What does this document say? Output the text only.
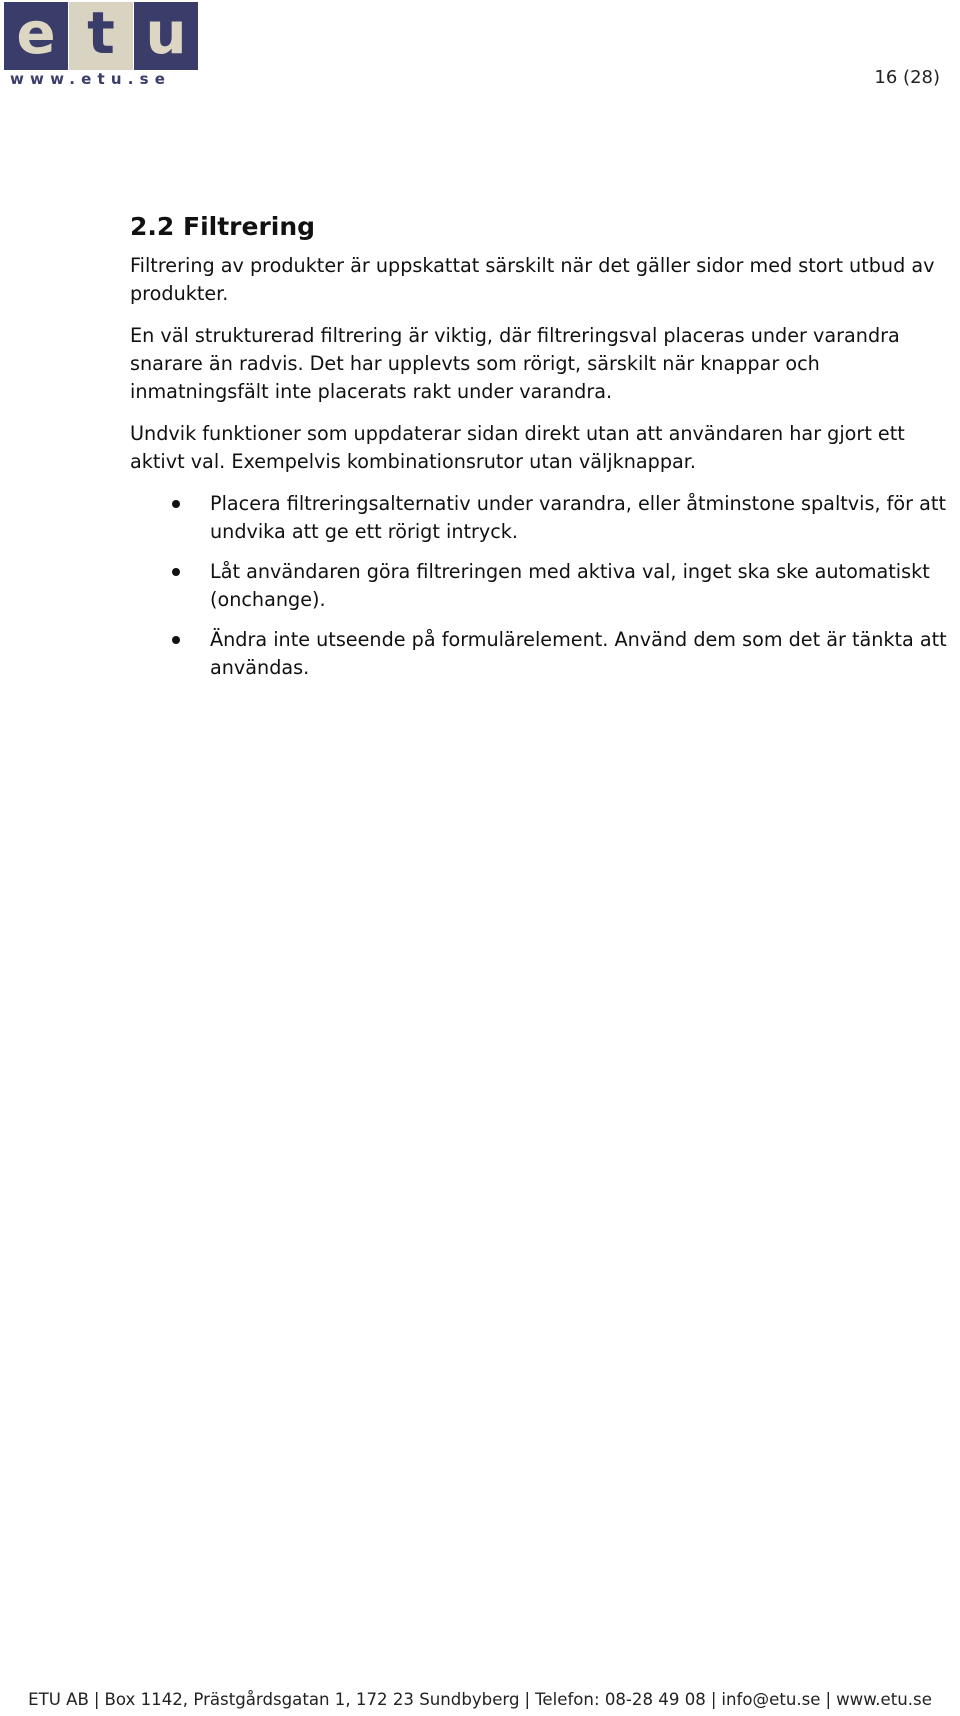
e t u
www.etu.se	16 (28)
2.2 Filtrering

Filtrering av produkter är uppskattat särskilt när det gäller sidor med stort utbud av produkter.

En väl strukturerad filtrering är viktig, där filtreringsval placeras under varandra snarare än radvis. Det har upplevts som rörigt, särskilt när knappar och inmatningsfält inte placerats rakt under varandra.

Undvik funktioner som uppdaterar sidan direkt utan att användaren har gjort ett aktivt val. Exempelvis kombinationsrutor utan väljknappar.

Placera filtreringsalternativ under varandra, eller åtminstone spaltvis, för att undvika att ge ett rörigt intryck.
Låt användaren göra filtreringen med aktiva val, inget ska ske automatiskt (onchange).
Ändra inte utseende på formulärelement. Använd dem som det är tänkta att användas.
ETU AB | Box 1142, Prästgårdsgatan 1, 172 23 Sundbyberg | Telefon: 08-28 49 08 | info@etu.se | www.etu.se
